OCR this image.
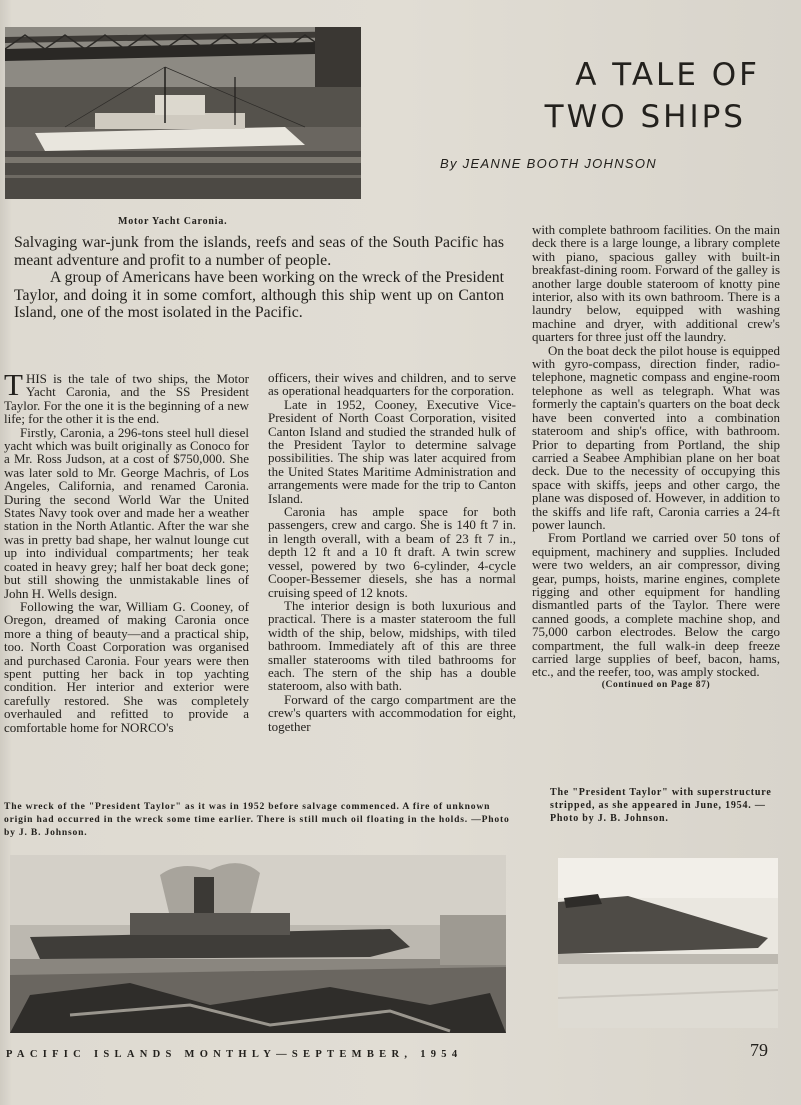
A TALE OF
TWO SHIPS
By JEANNE BOOTH JOHNSON
Motor Yacht Caronia.

Salvaging war-junk from the islands, reefs and seas of the South Pacific has meant adventure and profit to a number of people.

A group of Americans have been working on the wreck of the President Taylor, and doing it in some comfort, although this ship went up on Canton Island, one of the most isolated in the Pacific.

THIS is the tale of two ships, the Motor Yacht Caronia, and the SS President Taylor. For the one it is the beginning of a new life; for the other it is the end.

Firstly, Caronia, a 296-tons steel hull diesel yacht which was built originally as Conoco for a Mr. Ross Judson, at a cost of $750,000. She was later sold to Mr. George Machris, of Los Angeles, California, and renamed Caronia. During the second World War the United States Navy took over and made her a weather station in the North Atlantic. After the war she was in pretty bad shape, her walnut lounge cut up into individual compartments; her teak coated in heavy grey; half her boat deck gone; but still showing the unmistakable lines of John H. Wells design.

Following the war, William G. Cooney, of Oregon, dreamed of making Caronia once more a thing of beauty—and a practical ship, too. North Coast Corporation was organised and purchased Caronia. Four years were then spent putting her back in top yachting condition. Her interior and exterior were carefully restored. She was completely overhauled and refitted to provide a comfortable home for NORCO's

officers, their wives and children, and to serve as operational headquarters for the corporation.

Late in 1952, Cooney, Executive Vice-President of North Coast Corporation, visited Canton Island and studied the stranded hulk of the President Taylor to determine salvage possibilities. The ship was later acquired from the United States Maritime Administration and arrangements were made for the trip to Canton Island.

Caronia has ample space for both passengers, crew and cargo. She is 140 ft 7 in. in length overall, with a beam of 23 ft 7 in., depth 12 ft and a 10 ft draft. A twin screw vessel, powered by two 6-cylinder, 4-cycle Cooper-Bessemer diesels, she has a normal cruising speed of 12 knots.

The interior design is both luxurious and practical. There is a master stateroom the full width of the ship, below, midships, with tiled bathroom. Immediately aft of this are three smaller staterooms with tiled bathrooms for each. The stern of the ship has a double stateroom, also with bath.

Forward of the cargo compartment are the crew's quarters with accommodation for eight, together

with complete bathroom facilities. On the main deck there is a large lounge, a library complete with piano, spacious galley with built-in breakfast-dining room. Forward of the galley is another large double stateroom of knotty pine interior, also with its own bathroom. There is a laundry below, equipped with washing machine and dryer, with additional crew's quarters for three just off the laundry.

On the boat deck the pilot house is equipped with gyro-compass, direction finder, radio-telephone, magnetic compass and engine-room telephone as well as telegraph. What was formerly the captain's quarters on the boat deck have been converted into a combination stateroom and ship's office, with bathroom. Prior to departing from Portland, the ship carried a Seabee Amphibian plane on her boat deck. Due to the necessity of occupying this space with skiffs, jeeps and other cargo, the plane was disposed of. However, in addition to the skiffs and life raft, Caronia carries a 24-ft power launch.

From Portland we carried over 50 tons of equipment, machinery and supplies. Included were two welders, an air compressor, diving gear, pumps, hoists, marine engines, complete rigging and other equipment for handling dismantled parts of the Taylor. There were canned goods, a complete machine shop, and 75,000 carbon electrodes. Below the cargo compartment, the full walk-in deep freeze carried large supplies of beef, bacon, hams, etc., and the reefer, too, was amply stocked.

(Continued on Page 87)

The "President Taylor" with superstructure stripped, as she appeared in June, 1954. —Photo by J. B. Johnson.
The wreck of the "President Taylor" as it was in 1952 before salvage commenced. A fire of unknown origin had occurred in the wreck some time earlier. There is still much oil floating in the holds. —Photo by J. B. Johnson.
PACIFIC ISLANDS MONTHLY—SEPTEMBER, 1954	79
